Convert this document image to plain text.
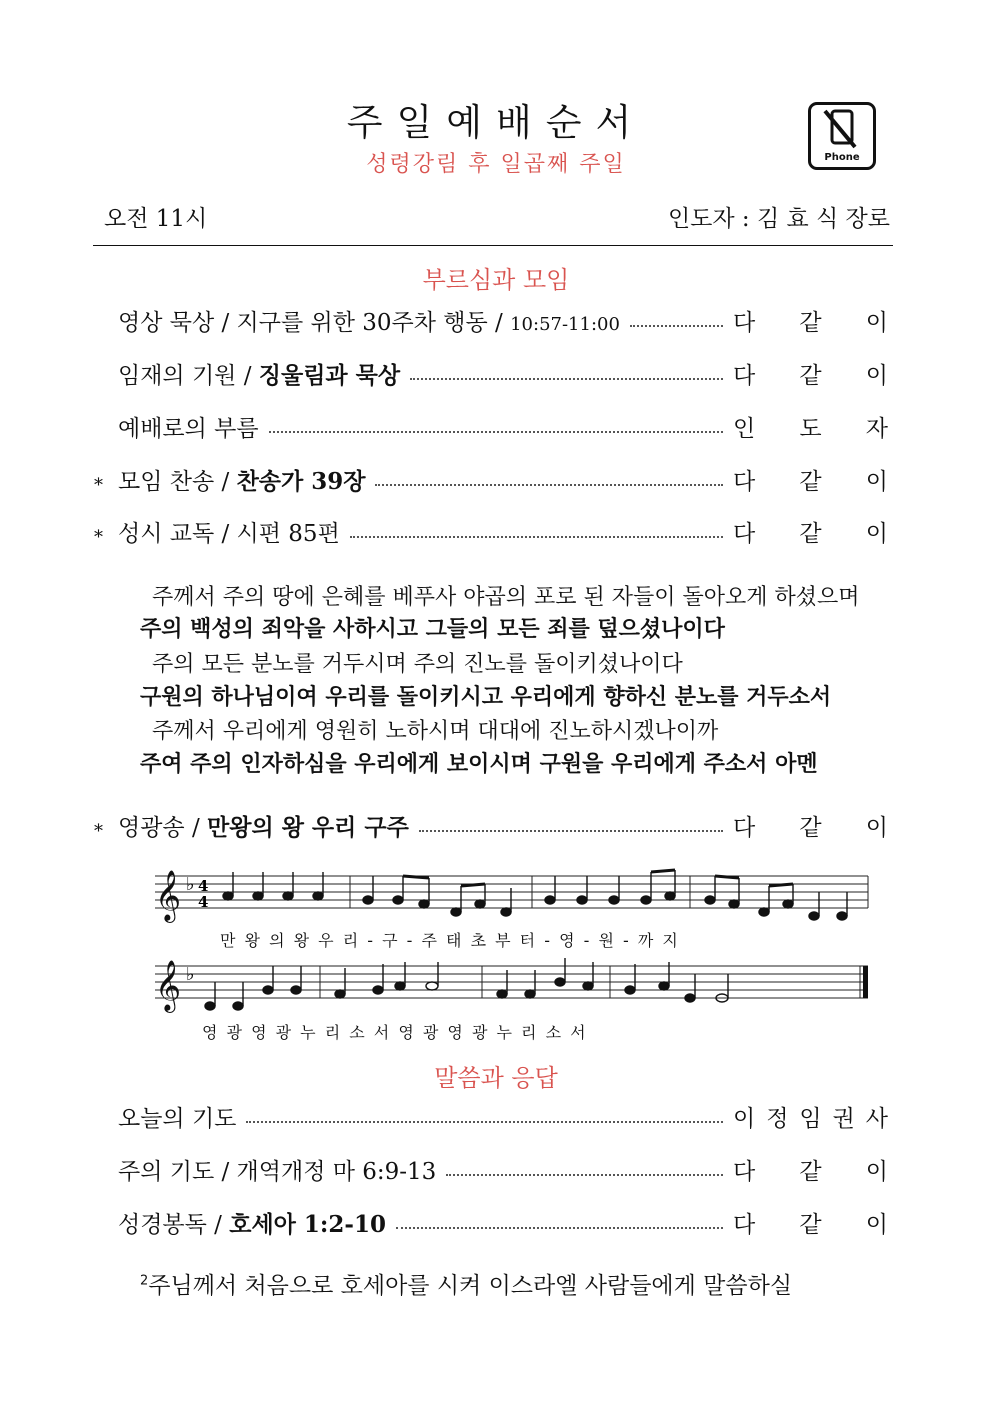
주일예배순서
성령강림 후 일곱째 주일	Phone
오전 11시	인도자 : 김 효 식 장로
부르심과 모임
영상 묵상 / 지구를 위한 30주차 행동 / 10:57-11:00	다 같 이
임재의 기원 / 징울림과 묵상	다 같 이
예배로의 부름	인 도 자
⁎ 모임 찬송 / 찬송가 39장	다 같 이
⁎ 성시 교독 / 시편 85편	다 같 이
주께서 주의 땅에 은혜를 베푸사 야곱의 포로 된 자들이 돌아오게 하셨으며
주의 백성의 죄악을 사하시고 그들의 모든 죄를 덮으셨나이다
주의 모든 분노를 거두시며 주의 진노를 돌이키셨나이다
구원의 하나님이여 우리를 돌이키시고 우리에게 향하신 분노를 거두소서
주께서 우리에게 영원히 노하시며 대대에 진노하시겠나이까
주여 주의 인자하심을 우리에게 보이시며 구원을 우리에게 주소서 아멘
⁎ 영광송 / 만왕의 왕 우리 구주	다 같 이
𝄞
𝄞
♭
♭
4
4
만 왕 의 왕 우 리 - 구 - 주 태 초 부 터 - 영 - 원 - 까 지
영 광 영 광 누 리 소 서 영 광 영 광 누 리 소 서
말씀과 응답
오늘의 기도	이 정 임 권 사
주의 기도 / 개역개정 마 6:9-13	다 같 이
성경봉독 / 호세아 1:2-10	다 같 이
$^2$주님께서 처음으로 호세아를 시켜 이스라엘 사람들에게 말씀하실
